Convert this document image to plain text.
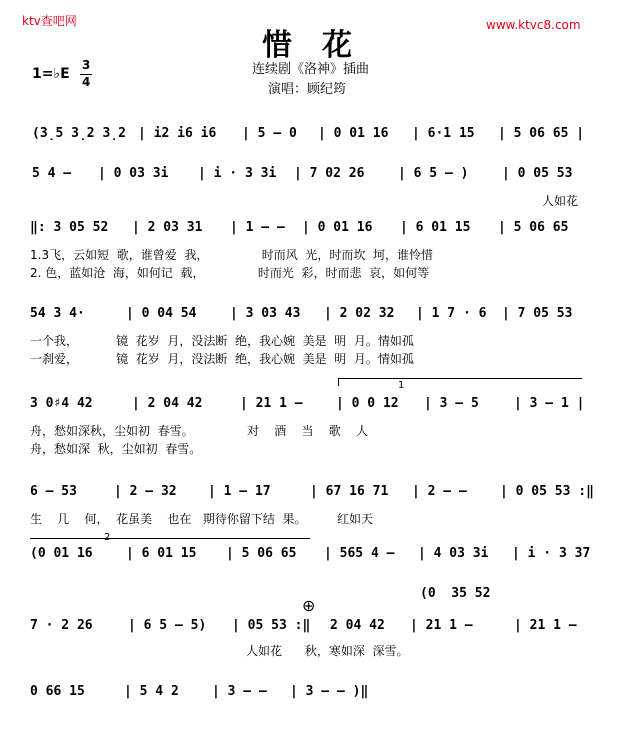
ktv查吧网	www.ktvc8.com
惜花
连续剧《洛神》插曲
演唱：顾纪筠
1=♭E
3
4
(3̣5 3̣2 3̣2 | i2 i6 i6 | 5 – 0 | 0 01 16 | 6·1 15 | 5 06 65 |
5 4 – | 0 03 3i | i · 3 3i | 7 02 26	| 6 5 – )	| 0 05 53
人如花
‖: 3 05 52 | 2 03 31 | 1 – – | 0 01 16 | 6 01 15 | 5 06 65
1.3飞，云如短  歌，谁曾爱  我，              时而风  光，时而坎  坷，谁怜惜
2. 色，蓝如沧  海，如何记  载，              时而光  彩，时而悲  哀，如何等
54 3 4·	| 0 04 54	| 3 03 43 | 2 02 32 | 1 7 · 6 | 7 05 53
一个我，          镜  花岁  月，没法断  绝，我心婉  美是  明  月。情如孤
一刹爱，          镜  花岁  月，没法断  绝，我心婉  美是  明  月。情如孤
1
3 0♯4 42	| 2 04 42	| 21 1 –	| 0 0 12 | 3 – 5	| 3 – 1 |
舟，愁如深秋，尘如初  春雪。              对    酒    当    歌    人
舟，愁如深  秋，尘如初  春雪。
6 – 53	| 2 – 32 | 1 – 17	| 67 16 71 | 2 – –	| 0 05 53 :‖
生    几    何，  花虽美    也在   期待你留下结  果。        红如天
2
(0 01 16	| 6 01 15 | 5 06 65 | 565 4 – | 4 03 3i | i · 3 37
(0  35 52
7 · 2 26	| 6 5 – 5) | 05 53 :‖ 2 04 42 | 21 1 –	| 21 1 –
⊕
人如花      秋，寒如深  深雪。
0 66 15	| 5 4 2	| 3 – – | 3 – – )‖
